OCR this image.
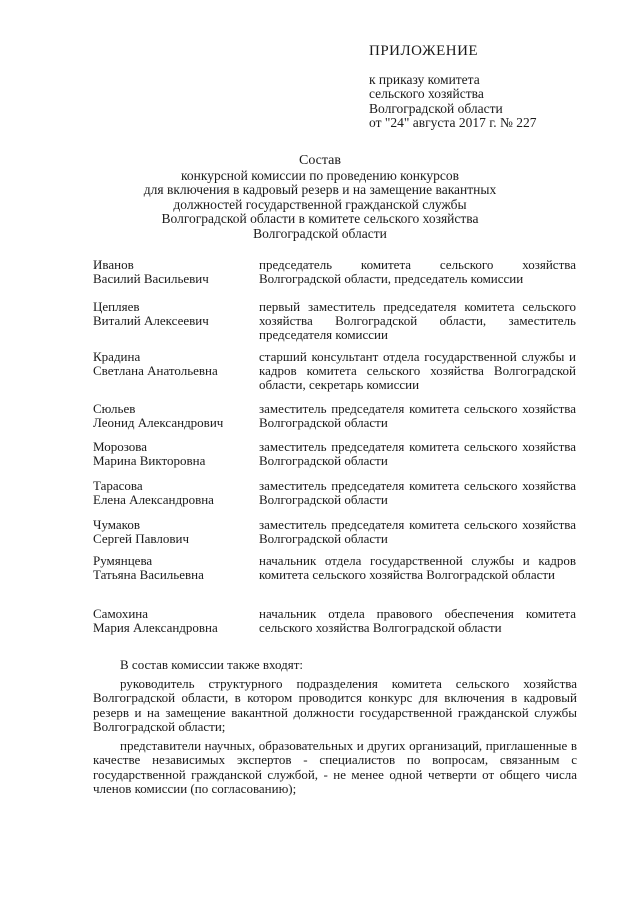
ПРИЛОЖЕНИЕ
к приказу комитета
сельского хозяйства
Волгоградской области
от "24" августа 2017 г. № 227
Состав
конкурсной комиссии по проведению конкурсов
для включения в кадровый резерв и на замещение вакантных
должностей государственной гражданской службы
Волгоградской области в комитете сельского хозяйства
Волгоградской области
Иванов
Василий Васильевич
председатель комитета сельского хозяйства Волгоградской области, председатель комиссии
Цепляев
Виталий Алексеевич
первый заместитель председателя комитета сельского хозяйства Волгоградской области, заместитель председателя комиссии
Крадина
Светлана Анатольевна
старший консультант отдела государственной службы и кадров комитета сельского хозяйства Волгоградской области, секретарь комиссии
Сюльев
Леонид Александрович
заместитель председателя комитета сельского хозяйства Волгоградской области
Морозова
Марина Викторовна
заместитель председателя комитета сельского хозяйства Волгоградской области
Тарасова
Елена Александровна
заместитель председателя комитета сельского хозяйства Волгоградской области
Чумаков
Сергей Павлович
заместитель председателя комитета сельского хозяйства Волгоградской области
Румянцева
Татьяна Васильевна
начальник отдела государственной службы и кадров комитета сельского хозяйства Волгоградской области
Самохина
Мария Александровна
начальник отдела правового обеспечения комитета сельского хозяйства Волгоградской области

В состав комиссии также входят:

руководитель структурного подразделения комитета сельского хозяйства Волгоградской области, в котором проводится конкурс для включения в кадровый резерв и на замещение вакантной должности государственной гражданской службы Волгоградской области;

представители научных, образовательных и других организаций, приглашенные в качестве независимых экспертов - специалистов по вопросам, связанным с государственной гражданской службой, - не менее одной четверти от общего числа членов комиссии (по согласованию);
